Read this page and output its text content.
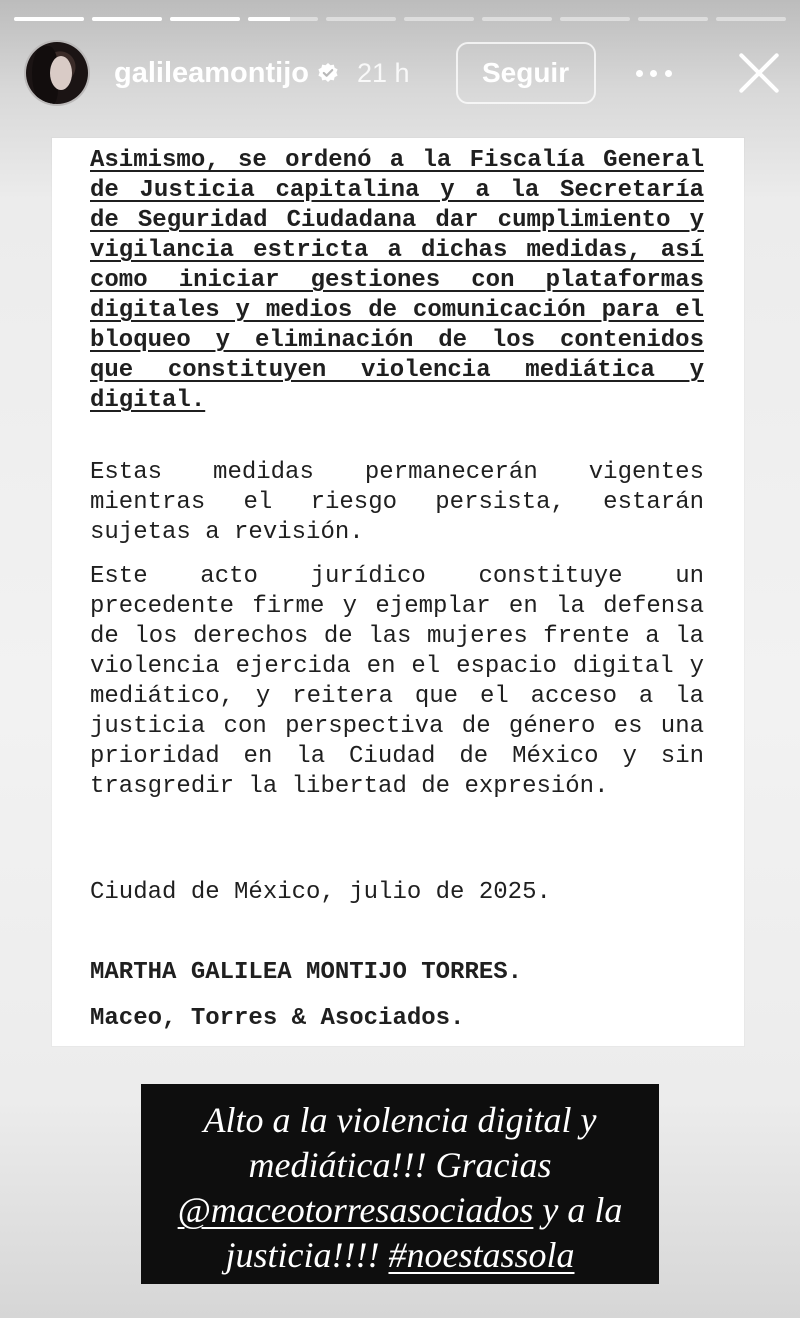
galileamontijo 21 h	Seguir
Asimismo, se ordenó a la Fiscalía General de Justicia capitalina y a la Secretaría de Seguridad Ciudadana dar cumplimiento y vigilancia estricta a dichas medidas, así como iniciar gestiones con plataformas digitales y medios de comunicación para el bloqueo y eliminación de los contenidos que constituyen violencia mediática y digital.
Estas medidas permanecerán vigentes mientras el riesgo persista, estarán sujetas a revisión.
Este acto jurídico constituye un precedente firme y ejemplar en la defensa de los derechos de las mujeres frente a la violencia ejercida en el espacio digital y mediático, y reitera que el acceso a la justicia con perspectiva de género es una prioridad en la Ciudad de México y sin trasgredir la libertad de expresión.
Ciudad de México, julio de 2025.
MARTHA GALILEA MONTIJO TORRES.
Maceo, Torres & Asociados.
Alto a la violencia digital y mediática!!! Gracias @maceotorresasociados y a la justicia!!!! #noestassola
